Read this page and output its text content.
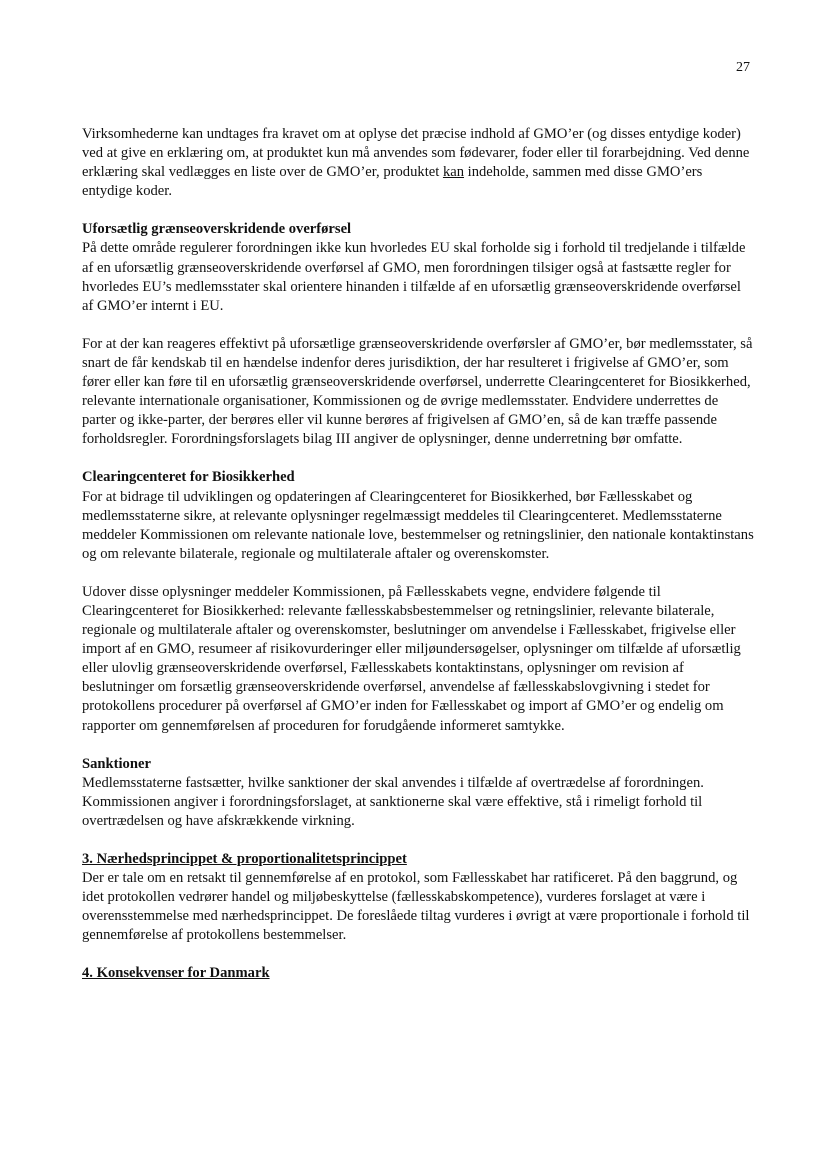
27

Virksomhederne kan undtages fra kravet om at oplyse det præcise indhold af GMO’er (og disses entydige koder) ved at give en erklæring om, at produktet kun må anvendes som fødevarer, foder eller til forarbejdning. Ved denne erklæring skal vedlægges en liste over de GMO’er, produktet kan indeholde, sammen med disse GMO’ers entydige koder.

Uforsætlig grænseoverskridende overførsel

På dette område regulerer forordningen ikke kun hvorledes EU skal forholde sig i forhold til tredjelande i tilfælde af en uforsætlig grænseoverskridende overførsel af GMO, men forordningen tilsiger også at fastsætte regler for hvorledes EU’s medlemsstater skal orientere hinanden i tilfælde af en uforsætlig grænseoverskridende overførsel af GMO’er internt i EU.

For at der kan reageres effektivt på uforsætlige grænseoverskridende overførsler af GMO’er, bør medlemsstater, så snart de får kendskab til en hændelse indenfor deres jurisdiktion, der har resulteret i frigivelse af GMO’er, som fører eller kan føre til en uforsætlig grænseoverskridende overførsel, underrette Clearingcenteret for Biosikkerhed, relevante internationale organisationer, Kommissionen og de øvrige medlemsstater. Endvidere underrettes de parter og ikke-parter, der berøres eller vil kunne berøres af frigivelsen af GMO’en, så de kan træffe passende forholdsregler. Forordningsforslagets bilag III angiver de oplysninger, denne underretning bør omfatte.

Clearingcenteret for Biosikkerhed

For at bidrage til udviklingen og opdateringen af Clearingcenteret for Biosikkerhed, bør Fællesskabet og medlemsstaterne sikre, at relevante oplysninger regelmæssigt meddeles til Clearingcenteret. Medlemsstaterne meddeler Kommissionen om relevante nationale love, bestemmelser og retningslinier, den nationale kontaktinstans og om relevante bilaterale, regionale og multilaterale aftaler og overenskomster.

Udover disse oplysninger meddeler Kommissionen, på Fællesskabets vegne, endvidere følgende til Clearingcenteret for Biosikkerhed: relevante fællesskabsbestemmelser og retningslinier, relevante bilaterale, regionale og multilaterale aftaler og overenskomster, beslutninger om anvendelse i Fællesskabet, frigivelse eller import af en GMO, resumeer af risikovurderinger eller miljøundersøgelser, oplysninger om tilfælde af uforsætlig eller ulovlig grænseoverskridende overførsel, Fællesskabets kontaktinstans, oplysninger om revision af beslutninger om forsætlig grænseoverskridende overførsel, anvendelse af fællesskabslovgivning i stedet for protokollens procedurer på overførsel af GMO’er inden for Fællesskabet og import af GMO’er og endelig om rapporter om gennemførelsen af proceduren for forudgående informeret samtykke.

Sanktioner

Medlemsstaterne fastsætter, hvilke sanktioner der skal anvendes i tilfælde af overtrædelse af forordningen. Kommissionen angiver i forordningsforslaget, at sanktionerne skal være effektive, stå i rimeligt forhold til overtrædelsen og have afskrækkende virkning.

3. Nærhedsprincippet & proportionalitetsprincippet

Der er tale om en retsakt til gennemførelse af en protokol, som Fællesskabet har ratificeret. På den baggrund, og idet protokollen vedrører handel og miljøbeskyttelse (fællesskabskompetence), vurderes forslaget at være i overensstemmelse med nærhedsprincippet. De foreslåede tiltag vurderes i øvrigt at være proportionale i forhold til gennemførelse af protokollens bestemmelser.

4. Konsekvenser for Danmark
